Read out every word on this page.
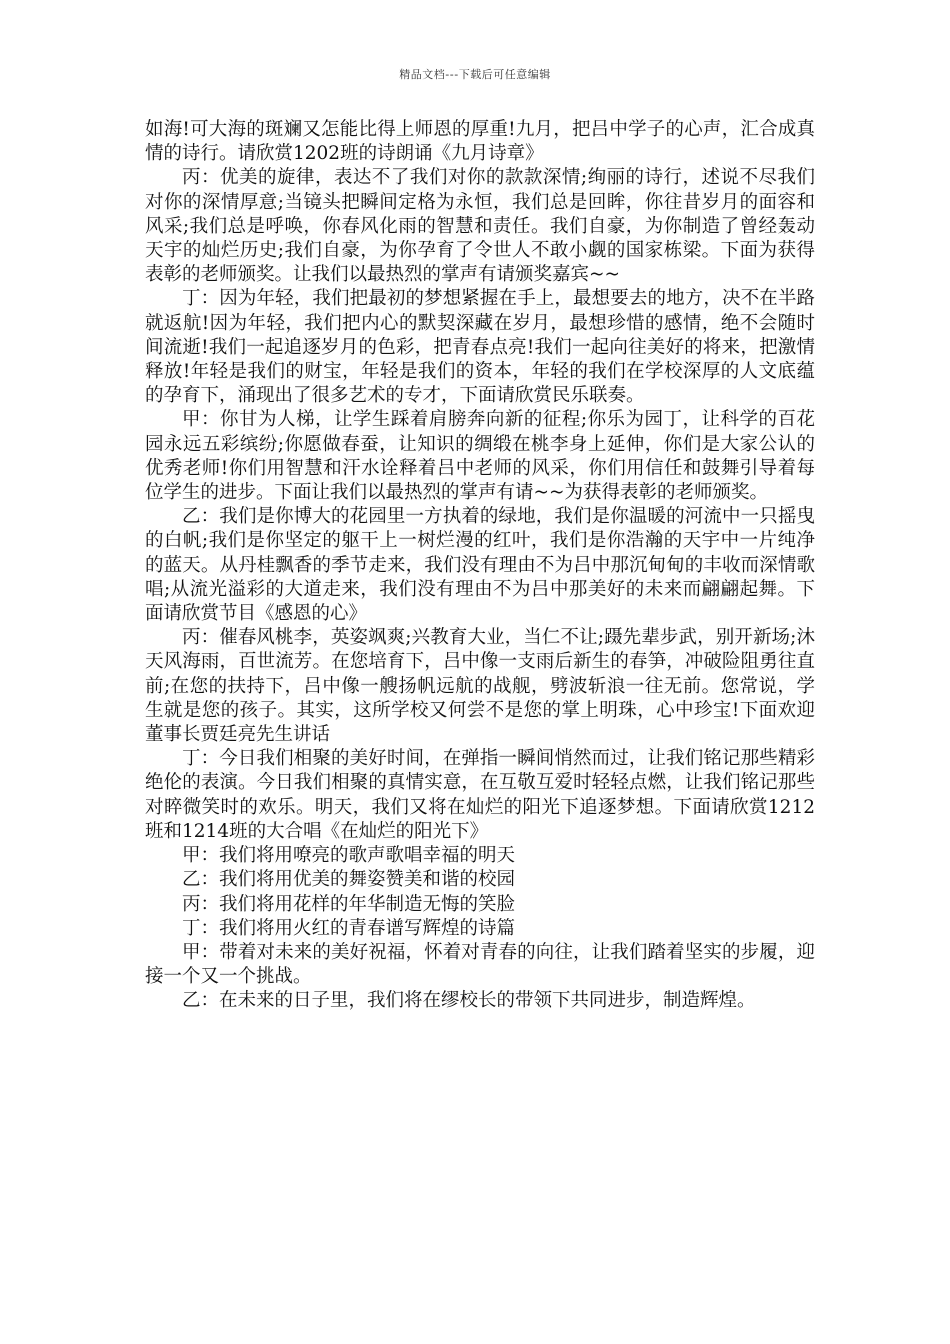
精品文档---下载后可任意编辑

如海!可大海的斑斓又怎能比得上师恩的厚重!九月，把吕中学子的心声，汇合成真情的诗行。请欣赏1202班的诗朗诵《九月诗章》

丙：优美的旋律，表达不了我们对你的款款深情;绚丽的诗行，述说不尽我们对你的深情厚意;当镜头把瞬间定格为永恒，我们总是回眸，你往昔岁月的面容和风采;我们总是呼唤，你春风化雨的智慧和责任。我们自豪，为你制造了曾经轰动天宇的灿烂历史;我们自豪，为你孕育了令世人不敢小觑的国家栋梁。下面为获得表彰的老师颁奖。让我们以最热烈的掌声有请颁奖嘉宾~~

丁：因为年轻，我们把最初的梦想紧握在手上，最想要去的地方，决不在半路就返航!因为年轻，我们把内心的默契深藏在岁月，最想珍惜的感情，绝不会随时间流逝!我们一起追逐岁月的色彩，把青春点亮!我们一起向往美好的将来，把激情释放!年轻是我们的财宝，年轻是我们的资本，年轻的我们在学校深厚的人文底蕴的孕育下，涌现出了很多艺术的专才，下面请欣赏民乐联奏。

甲：你甘为人梯，让学生踩着肩膀奔向新的征程;你乐为园丁，让科学的百花园永远五彩缤纷;你愿做春蚕，让知识的绸缎在桃李身上延伸，你们是大家公认的优秀老师!你们用智慧和汗水诠释着吕中老师的风采，你们用信任和鼓舞引导着每位学生的进步。下面让我们以最热烈的掌声有请~~为获得表彰的老师颁奖。

乙：我们是你博大的花园里一方执着的绿地，我们是你温暖的河流中一只摇曳的白帆;我们是你坚定的躯干上一树烂漫的红叶，我们是你浩瀚的天宇中一片纯净的蓝天。从丹桂飘香的季节走来，我们没有理由不为吕中那沉甸甸的丰收而深情歌唱;从流光溢彩的大道走来，我们没有理由不为吕中那美好的未来而翩翩起舞。下面请欣赏节目《感恩的心》

丙：催春风桃李，英姿飒爽;兴教育大业，当仁不让;蹑先辈步武，别开新场;沐天风海雨，百世流芳。在您培育下，吕中像一支雨后新生的春笋，冲破险阻勇往直前;在您的扶持下，吕中像一艘扬帆远航的战舰，劈波斩浪一往无前。您常说，学生就是您的孩子。其实，这所学校又何尝不是您的掌上明珠，心中珍宝!下面欢迎董事长贾廷亮先生讲话

丁：今日我们相聚的美好时间，在弹指一瞬间悄然而过，让我们铭记那些精彩绝伦的表演。今日我们相聚的真情实意，在互敬互爱时轻轻点燃，让我们铭记那些对睟微笑时的欢乐。明天，我们又将在灿烂的阳光下追逐梦想。下面请欣赏1212班和1214班的大合唱《在灿烂的阳光下》

甲：我们将用嘹亮的歌声歌唱幸福的明天

乙：我们将用优美的舞姿赞美和谐的校园

丙：我们将用花样的年华制造无悔的笑脸

丁：我们将用火红的青春谱写辉煌的诗篇

甲：带着对未来的美好祝福，怀着对青春的向往，让我们踏着坚实的步履，迎接一个又一个挑战。

乙：在未来的日子里，我们将在缪校长的带领下共同进步，制造辉煌。
